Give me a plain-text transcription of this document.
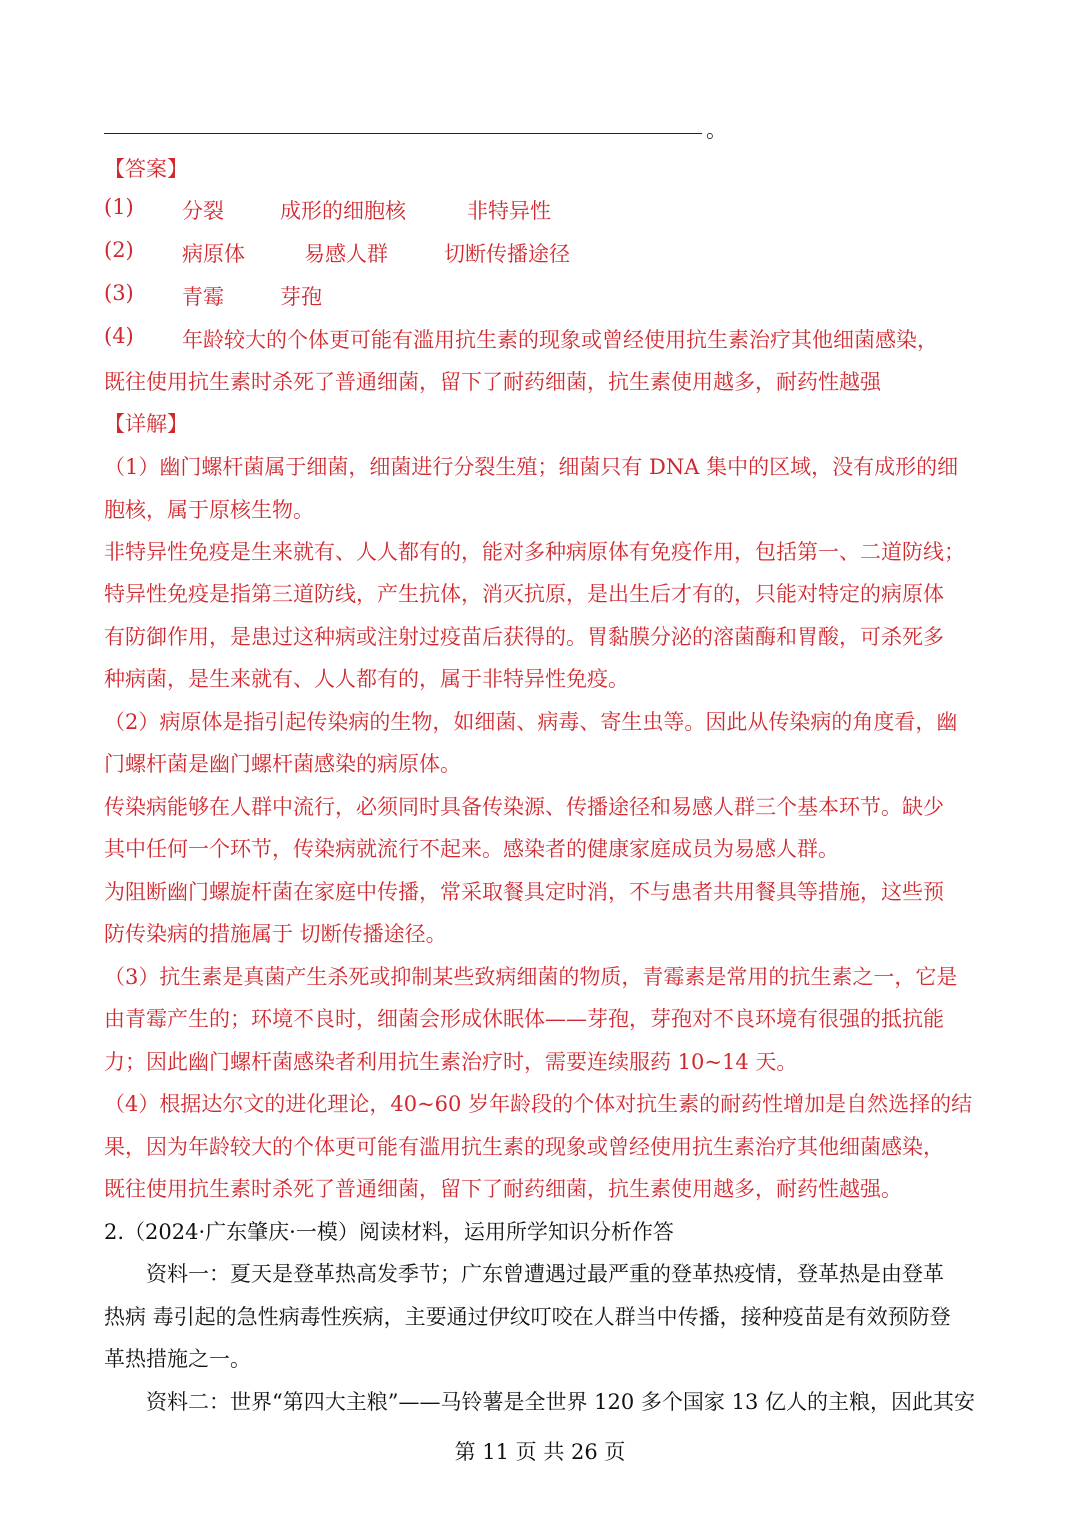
。
【答案】
(1) 分裂	成形的细胞核	非特异性
(2) 病原体	易感人群	切断传播途径
(3) 青霉	芽孢
(4) 年龄较大的个体更可能有滥用抗生素的现象或曾经使用抗生素治疗其他细菌感染，
既往使用抗生素时杀死了普通细菌，留下了耐药细菌，抗生素使用越多，耐药性越强
【详解】
（1）幽门螺杆菌属于细菌，细菌进行分裂生殖；细菌只有 DNA 集中的区域，没有成形的细
胞核，属于原核生物。
非特异性免疫是生来就有、人人都有的，能对多种病原体有免疫作用，包括第一、二道防线；
特异性免疫是指第三道防线，产生抗体，消灭抗原，是出生后才有的，只能对特定的病原体
有防御作用，是患过这种病或注射过疫苗后获得的。胃黏膜分泌的溶菌酶和胃酸，可杀死多
种病菌，是生来就有、人人都有的，属于非特异性免疫。
（2）病原体是指引起传染病的生物，如细菌、病毒、寄生虫等。因此从传染病的角度看，幽
门螺杆菌是幽门螺杆菌感染的病原体。
传染病能够在人群中流行，必须同时具备传染源、传播途径和易感人群三个基本环节。缺少
其中任何一个环节，传染病就流行不起来。感染者的健康家庭成员为易感人群。
为阻断幽门螺旋杆菌在家庭中传播，常采取餐具定时消，不与患者共用餐具等措施，这些预
防传染病的措施属于 切断传播途径。
（3）抗生素是真菌产生杀死或抑制某些致病细菌的物质，青霉素是常用的抗生素之一，它是
由青霉产生的；环境不良时，细菌会形成休眠体——芽孢，芽孢对不良环境有很强的抵抗能
力；因此幽门螺杆菌感染者利用抗生素治疗时，需要连续服药 10~14 天。
（4）根据达尔文的进化理论，40~60 岁年龄段的个体对抗生素的耐药性增加是自然选择的结
果，因为年龄较大的个体更可能有滥用抗生素的现象或曾经使用抗生素治疗其他细菌感染，
既往使用抗生素时杀死了普通细菌，留下了耐药细菌，抗生素使用越多，耐药性越强。
2.（2024·广东肇庆·一模）阅读材料，运用所学知识分析作答
资料一：夏天是登革热高发季节；广东曾遭遇过最严重的登革热疫情，登革热是由登革
热病 毒引起的急性病毒性疾病，主要通过伊纹叮咬在人群当中传播，接种疫苗是有效预防登
革热措施之一。
资料二：世界“第四大主粮”——马铃薯是全世界 120 多个国家 13 亿人的主粮，因此其安
第 11 页 共 26 页
